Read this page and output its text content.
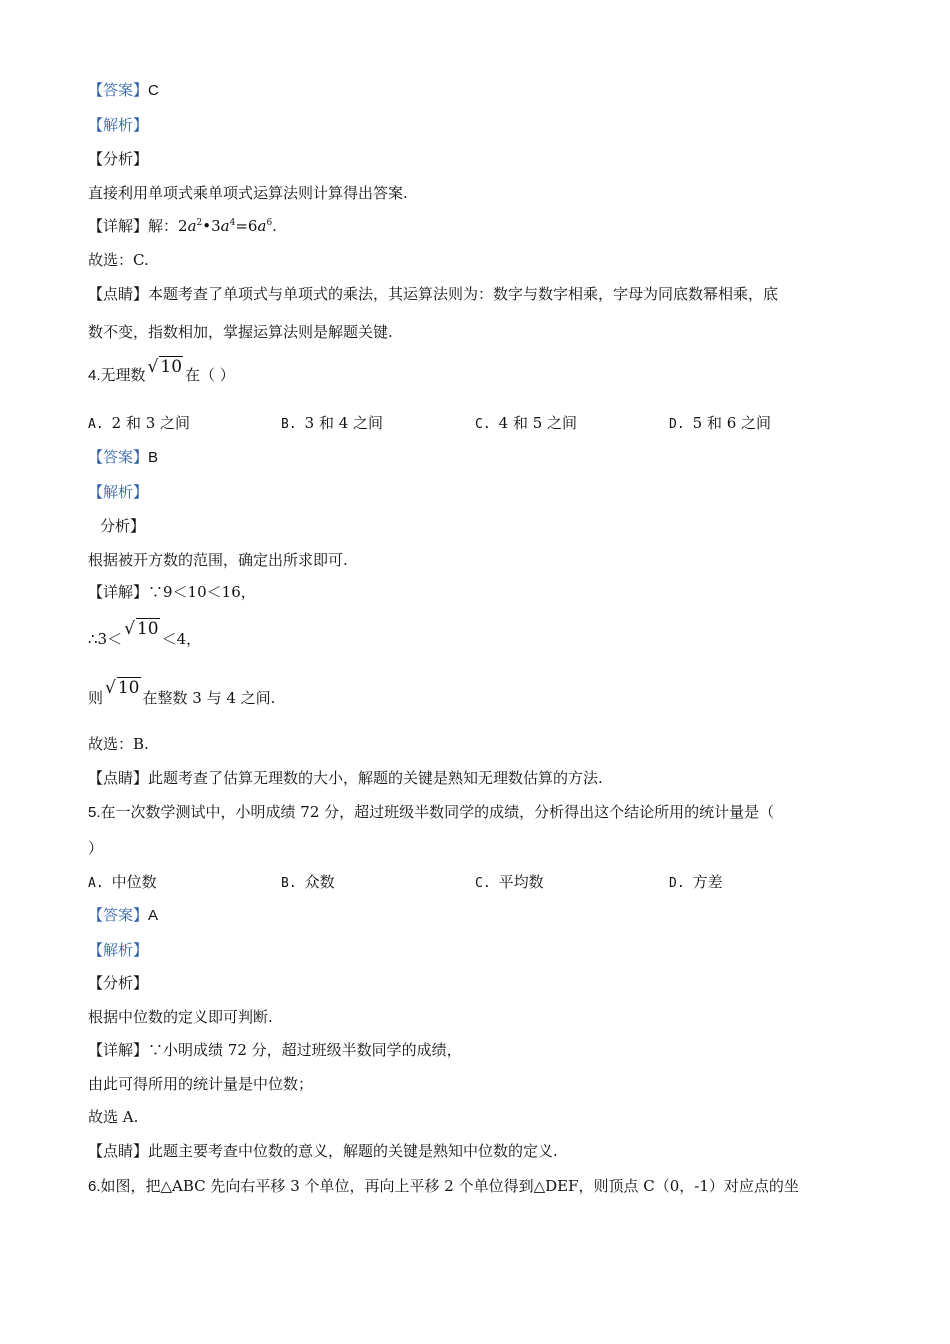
【答案】C
【解析】
【分析】
直接利用单项式乘单项式运算法则计算得出答案.
【详解】解：$2a^2•3a^4=6a^6$.
故选：C.
【点睛】本题考查了单项式与单项式的乘法，其运算法则为：数字与数字相乘，字母为同底数幂相乘，底
数不变，指数相加，掌握运算法则是解题关键.
4.无理数 √ 10 在（ ）
A. 2 和 3 之间	B. 3 和 4 之间	C. 4 和 5 之间	D. 5 和 6 之间
【答案】B
【解析】
分析】
根据被开方数的范围，确定出所求即可.
【详解】∵9＜10＜16，
∴3＜ √ 10 ＜4，
则 √ 10 在整数 3 与 4 之间.
故选：B.
【点睛】此题考查了估算无理数的大小，解题的关键是熟知无理数估算的方法.
5.在一次数学测试中，小明成绩 72 分，超过班级半数同学的成绩，分析得出这个结论所用的统计量是（
）
A. 中位数	B. 众数	C. 平均数	D. 方差
【答案】A
【解析】
【分析】
根据中位数的定义即可判断.
【详解】∵小明成绩 72 分，超过班级半数同学的成绩，
由此可得所用的统计量是中位数；
故选 A.
【点睛】此题主要考查中位数的意义，解题的关键是熟知中位数的定义.
6.如图，把△ABC 先向右平移 3 个单位，再向上平移 2 个单位得到△DEF，则顶点 C（0，-1）对应点的坐
